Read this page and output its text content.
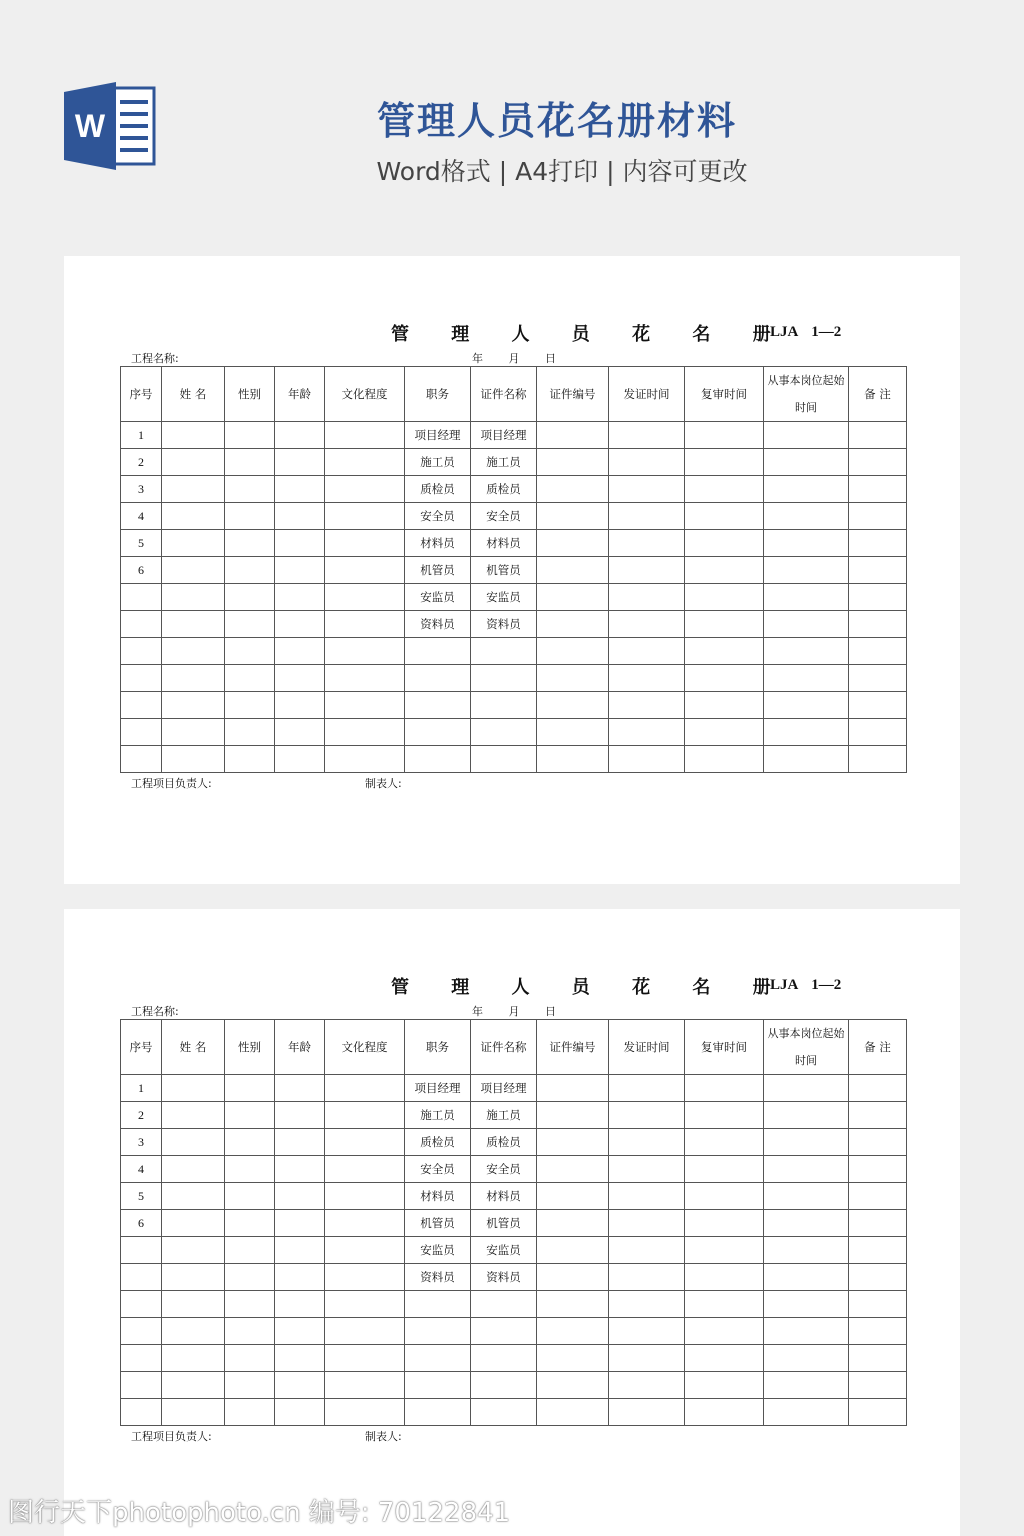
W	管理人员花名册材料
Word格式 | A4打印 | 内容可更改
管 理 人 员 花 名 册
LJA 1—2
工程名称:	年 月 日
序号	姓 名	性别	年龄	文化程度	职务	证件名称	证件编号	发证时间	复审时间	从事本岗位起始时间	备 注
1					项目经理	项目经理					
2					施工员	施工员					
3					质检员	质检员					
4					安全员	安全员					
5					材料员	材料员					
6					机管员	机管员					
					安监员	安监员					
					资料员	资料员					

工程项目负责人:	制表人:
管 理 人 员 花 名 册
LJA 1—2
工程名称:	年 月 日
序号	姓 名	性别	年龄	文化程度	职务	证件名称	证件编号	发证时间	复审时间	从事本岗位起始时间	备 注
1					项目经理	项目经理					
2					施工员	施工员					
3					质检员	质检员					
4					安全员	安全员					
5					材料员	材料员					
6					机管员	机管员					
					安监员	安监员					
					资料员	资料员					

工程项目负责人:	制表人:
图行天下photophoto.cn 编号: 70122841
